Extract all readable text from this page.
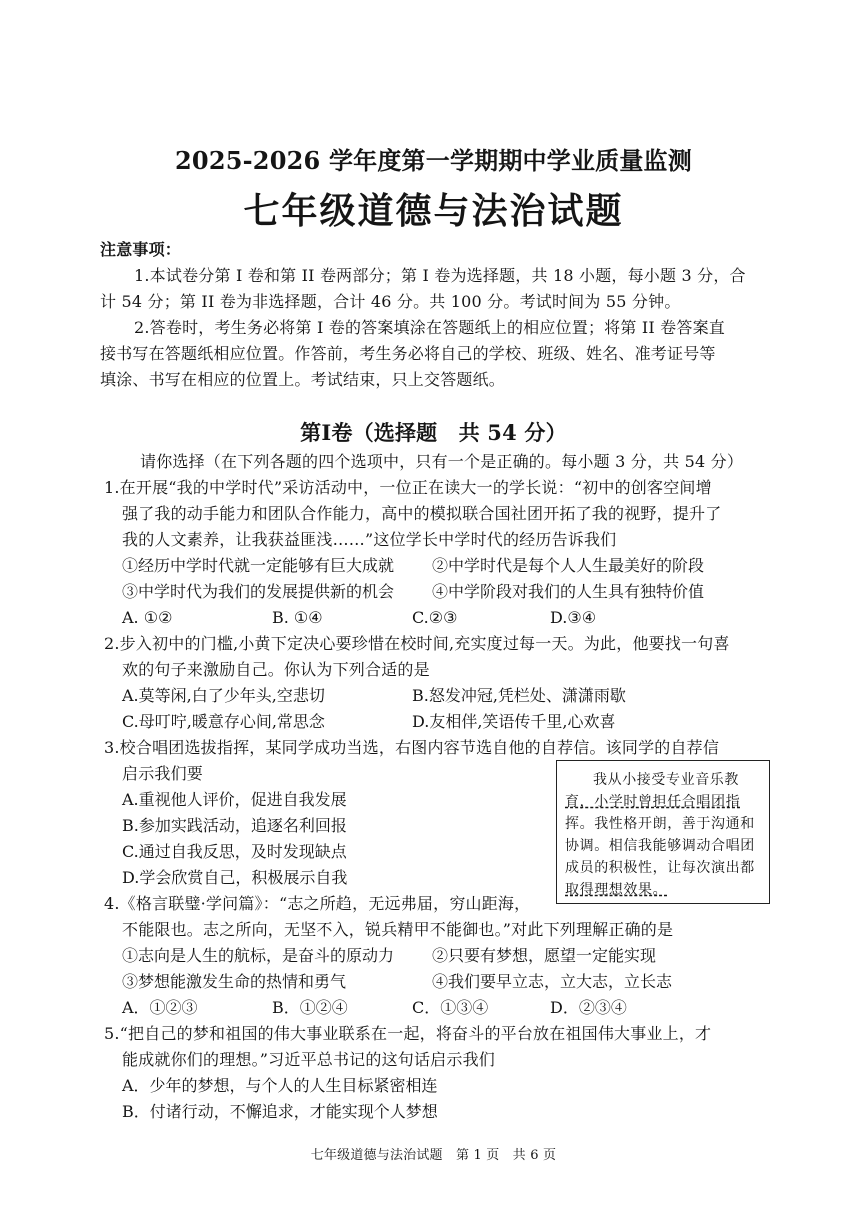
2025-2026 学年度第一学期期中学业质量监测
七年级道德与法治试题
注意事项：
1.本试卷分第 I 卷和第 II 卷两部分；第 I 卷为选择题，共 18 小题，每小题 3 分，合
计 54 分；第 II 卷为非选择题，合计 46 分。共 100 分。考试时间为 55 分钟。
2.答卷时，考生务必将第 I 卷的答案填涂在答题纸上的相应位置；将第 II 卷答案直
接书写在答题纸相应位置。作答前，考生务必将自己的学校、班级、姓名、准考证号等
填涂、书写在相应的位置上。考试结束，只上交答题纸。
第Ⅰ卷（选择题　共 54 分）
请你选择（在下列各题的四个选项中，只有一个是正确的。每小题 3 分，共 54 分）
1.在开展“我的中学时代”采访活动中，一位正在读大一的学长说：“初中的创客空间增
强了我的动手能力和团队合作能力，高中的模拟联合国社团开拓了我的视野，提升了
我的人文素养，让我获益匪浅……”这位学长中学时代的经历告诉我们
①经历中学时代就一定能够有巨大成就 ②中学时代是每个人人生最美好的阶段
③中学时代为我们的发展提供新的机会 ④中学阶段对我们的人生具有独特价值
A. ①②	B. ①④	C.②③	D.③④
2.步入初中的门槛,小黄下定决心要珍惜在校时间,充实度过每一天。为此，他要找一句喜
欢的句子来激励自己。你认为下列合适的是
A.莫等闲,白了少年头,空悲切	B.怒发冲冠,凭栏处、潇潇雨歇
C.母叮咛,暖意存心间,常思念	D.友相伴,笑语传千里,心欢喜
3.校合唱团选拔指挥，某同学成功当选，右图内容节选自他的自荐信。该同学的自荐信
启示我们要
A.重视他人评价，促进自我发展
B.参加实践活动，追逐名利回报
C.通过自我反思，及时发现缺点
D.学会欣赏自己，积极展示自我
我从小接受专业音乐教
育，小学时曾担任合唱团指
挥。我性格开朗，善于沟通和
协调。相信我能够调动合唱团
成员的积极性，让每次演出都
取得理想效果。
4.《格言联璧·学问篇》：“志之所趋，无远弗届，穷山距海，
不能限也。志之所向，无坚不入，锐兵精甲不能御也。”对此下列理解正确的是
①志向是人生的航标，是奋斗的原动力 ②只要有梦想，愿望一定能实现
③梦想能激发生命的热情和勇气	④我们要早立志，立大志，立长志
A．①②③	B．①②④	C．①③④	D．②③④
5.“把自己的梦和祖国的伟大事业联系在一起，将奋斗的平台放在祖国伟大事业上，才
能成就你们的理想。”习近平总书记的这句话启示我们
A．少年的梦想，与个人的人生目标紧密相连
B．付诸行动，不懈追求，才能实现个人梦想
七年级道德与法治试题　第 1 页　共 6 页
